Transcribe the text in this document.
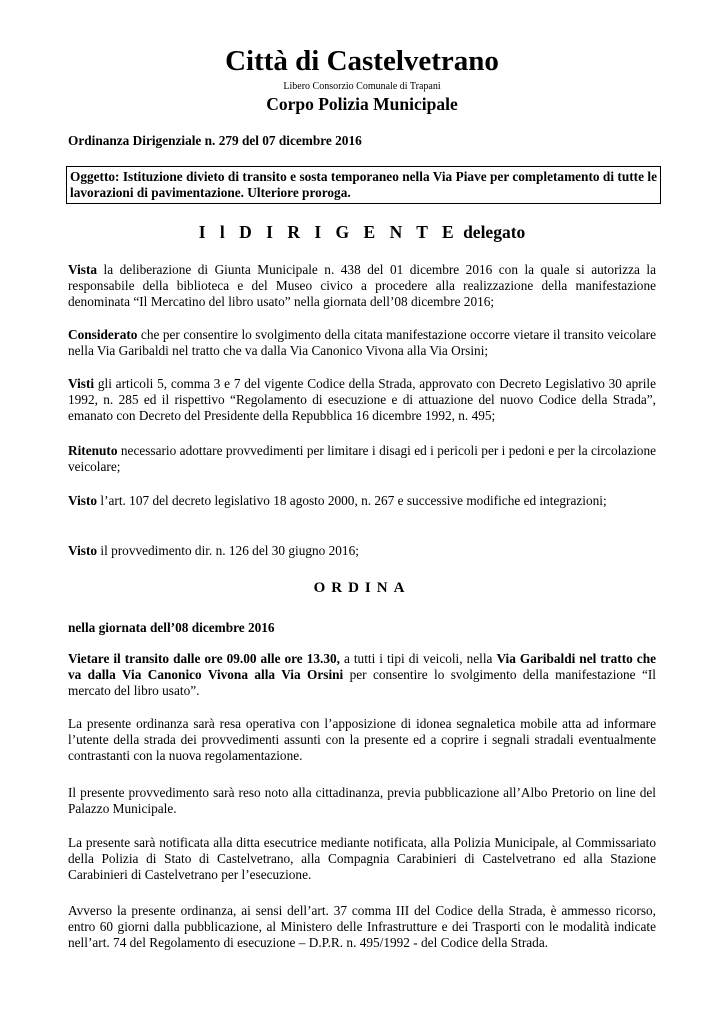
Città di Castelvetrano
Libero Consorzio Comunale di Trapani
Corpo Polizia Municipale
Ordinanza Dirigenziale n. 279 del 07 dicembre 2016
Oggetto: Istituzione divieto di transito e sosta temporaneo nella Via Piave per completamento di tutte le lavorazioni di pavimentazione. Ulteriore proroga.
I l D I R I G E N T E delegato

Vista la deliberazione di Giunta Municipale n. 438 del 01 dicembre 2016 con la quale si autorizza la responsabile della biblioteca e del Museo civico a procedere alla realizzazione della manifestazione denominata “Il Mercatino del libro usato” nella giornata dell’08 dicembre 2016;

Considerato che per consentire lo svolgimento della citata manifestazione occorre vietare il transito veicolare nella Via Garibaldi nel tratto che va dalla Via Canonico Vivona alla Via Orsini;

Visti gli articoli 5, comma 3 e 7 del vigente Codice della Strada, approvato con Decreto Legislativo 30 aprile 1992, n. 285 ed il rispettivo “Regolamento di esecuzione e di attuazione del nuovo Codice della Strada”, emanato con Decreto del Presidente della Repubblica 16 dicembre 1992, n. 495;

Ritenuto necessario adottare provvedimenti per limitare i disagi ed i pericoli per i pedoni e per la circolazione veicolare;

Visto l’art. 107 del decreto legislativo 18 agosto 2000, n. 267 e successive modifiche ed integrazioni;

Visto il provvedimento dir. n. 126 del 30 giugno 2016;

ORDINA

nella giornata dell’08 dicembre 2016

Vietare il transito dalle ore 09.00 alle ore 13.30, a tutti i tipi di veicoli, nella Via Garibaldi nel tratto che va dalla Via Canonico Vivona alla Via Orsini per consentire lo svolgimento della manifestazione “Il mercato del libro usato”.

La presente ordinanza sarà resa operativa con l’apposizione di idonea segnaletica mobile atta ad informare l’utente della strada dei provvedimenti assunti con la presente ed a coprire i segnali stradali eventualmente contrastanti con la nuova regolamentazione.

Il presente provvedimento sarà reso noto alla cittadinanza, previa pubblicazione all’Albo Pretorio on line del Palazzo Municipale.

La presente sarà notificata alla ditta esecutrice mediante notificata, alla Polizia Municipale, al Commissariato della Polizia di Stato di Castelvetrano, alla Compagnia Carabinieri di Castelvetrano ed alla Stazione Carabinieri di Castelvetrano per l’esecuzione.

Avverso la presente ordinanza, ai sensi dell’art. 37 comma III del Codice della Strada, è ammesso ricorso, entro 60 giorni dalla pubblicazione, al Ministero delle Infrastrutture e dei Trasporti con le modalità indicate nell’art. 74 del Regolamento di esecuzione – D.P.R. n. 495/1992 - del Codice della Strada.
